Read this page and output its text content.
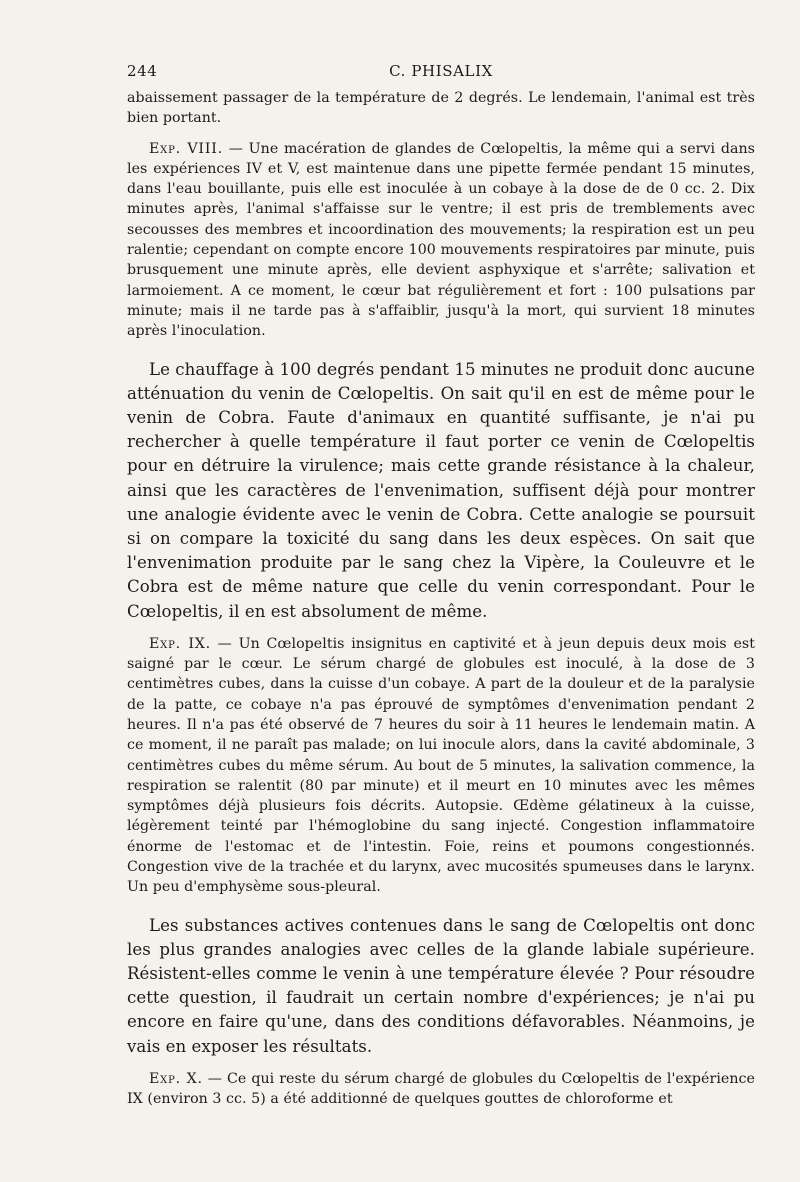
244	C. PHISALIX

abaissement passager de la température de 2 degrés. Le lendemain, l'animal est très bien portant.

Exp. VIII. — Une macération de glandes de Cœlopeltis, la même qui a servi dans les expériences IV et V, est maintenue dans une pipette fermée pendant 15 minutes, dans l'eau bouillante, puis elle est inoculée à un cobaye à la dose de de 0 cc. 2. Dix minutes après, l'animal s'affaisse sur le ventre; il est pris de tremblements avec secousses des membres et incoordination des mouvements; la respiration est un peu ralentie; cependant on compte encore 100 mouvements respiratoires par minute, puis brusquement une minute après, elle devient asphyxique et s'arrête; salivation et larmoiement. A ce moment, le cœur bat régulièrement et fort : 100 pulsations par minute; mais il ne tarde pas à s'affaiblir, jusqu'à la mort, qui survient 18 minutes après l'inoculation.

Le chauffage à 100 degrés pendant 15 minutes ne produit donc aucune atténuation du venin de Cœlopeltis. On sait qu'il en est de même pour le venin de Cobra. Faute d'animaux en quantité suffisante, je n'ai pu rechercher à quelle température il faut porter ce venin de Cœlopeltis pour en détruire la virulence; mais cette grande résistance à la chaleur, ainsi que les caractères de l'envenimation, suffisent déjà pour montrer une analogie évidente avec le venin de Cobra. Cette analogie se poursuit si on compare la toxicité du sang dans les deux espèces. On sait que l'envenimation produite par le sang chez la Vipère, la Couleuvre et le Cobra est de même nature que celle du venin correspondant. Pour le Cœlopeltis, il en est absolument de même.

Exp. IX. — Un Cœlopeltis insignitus en captivité et à jeun depuis deux mois est saigné par le cœur. Le sérum chargé de globules est inoculé, à la dose de 3 centimètres cubes, dans la cuisse d'un cobaye. A part de la douleur et de la paralysie de la patte, ce cobaye n'a pas éprouvé de symptômes d'envenimation pendant 2 heures. Il n'a pas été observé de 7 heures du soir à 11 heures le lendemain matin. A ce moment, il ne paraît pas malade; on lui inocule alors, dans la cavité abdominale, 3 centimètres cubes du même sérum. Au bout de 5 minutes, la salivation commence, la respiration se ralentit (80 par minute) et il meurt en 10 minutes avec les mêmes symptômes déjà plusieurs fois décrits. Autopsie. Œdème gélatineux à la cuisse, légèrement teinté par l'hémoglobine du sang injecté. Congestion inflammatoire énorme de l'estomac et de l'intestin. Foie, reins et poumons congestionnés. Congestion vive de la trachée et du larynx, avec mucosités spumeuses dans le larynx. Un peu d'emphysème sous-pleural.

Les substances actives contenues dans le sang de Cœlopeltis ont donc les plus grandes analogies avec celles de la glande labiale supérieure. Résistent-elles comme le venin à une température élevée ? Pour résoudre cette question, il faudrait un certain nombre d'expériences; je n'ai pu encore en faire qu'une, dans des conditions défavorables. Néanmoins, je vais en exposer les résultats.

Exp. X. — Ce qui reste du sérum chargé de globules du Cœlopeltis de l'expérience IX (environ 3 cc. 5) a été additionné de quelques gouttes de chloroforme et
